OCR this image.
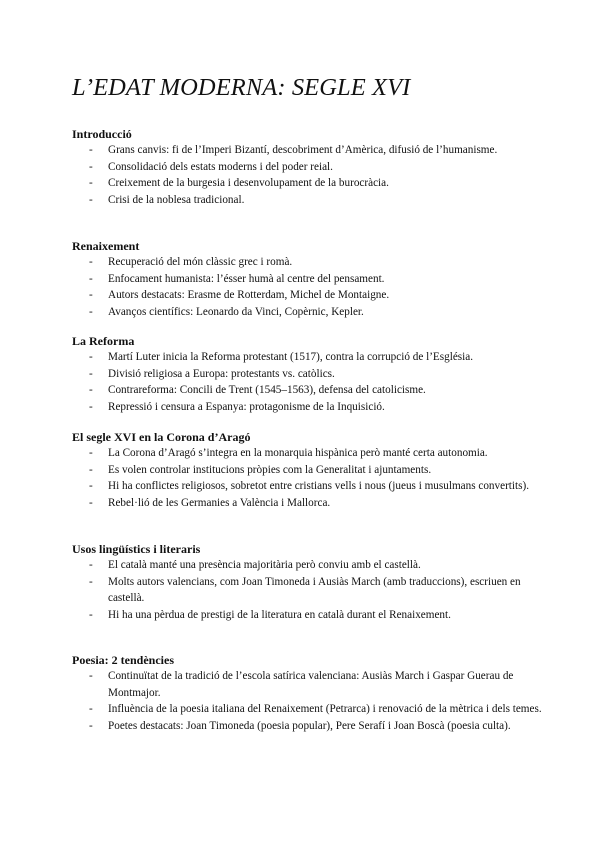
L’EDAT MODERNA: SEGLE XVI
Introducció
- Grans canvis: fi de l’Imperi Bizantí, descobriment d’Amèrica, difusió de l’humanisme.
- Consolidació dels estats moderns i del poder reial.
- Creixement de la burgesia i desenvolupament de la burocràcia.
- Crisi de la noblesa tradicional.
Renaixement
- Recuperació del món clàssic grec i romà.
- Enfocament humanista: l’ésser humà al centre del pensament.
- Autors destacats: Erasme de Rotterdam, Michel de Montaigne.
- Avanços científics: Leonardo da Vinci, Copèrnic, Kepler.
La Reforma
- Martí Luter inicia la Reforma protestant (1517), contra la corrupció de l’Església.
- Divisió religiosa a Europa: protestants vs. catòlics.
- Contrareforma: Concili de Trent (1545–1563), defensa del catolicisme.
- Repressió i censura a Espanya: protagonisme de la Inquisició.
El segle XVI en la Corona d’Aragó
- La Corona d’Aragó s’integra en la monarquia hispànica però manté certa autonomia.
- Es volen controlar institucions pròpies com la Generalitat i ajuntaments.
- Hi ha conflictes religiosos, sobretot entre cristians vells i nous (jueus i musulmans convertits).
- Rebel·lió de les Germanies a València i Mallorca.
Usos lingüístics i literaris
- El català manté una presència majoritària però conviu amb el castellà.
- Molts autors valencians, com Joan Timoneda i Ausiàs March (amb traduccions), escriuen en castellà.
- Hi ha una pèrdua de prestigi de la literatura en català durant el Renaixement.
Poesia: 2 tendències
- Continuïtat de la tradició de l’escola satírica valenciana: Ausiàs March i Gaspar Guerau de Montmajor.
- Influència de la poesia italiana del Renaixement (Petrarca) i renovació de la mètrica i dels temes.
- Poetes destacats: Joan Timoneda (poesia popular), Pere Serafí i Joan Boscà (poesia culta).
